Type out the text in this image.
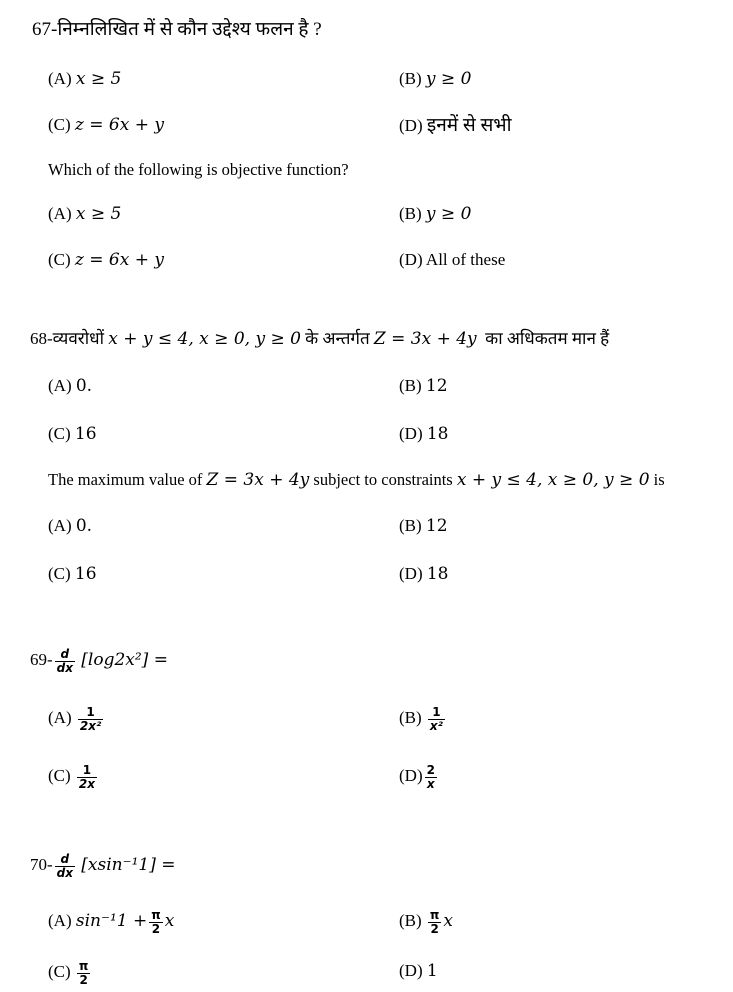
67-निम्नलिखित में से कौन उद्देश्य फलन है ?
(A) x ≥ 5	(B) y ≥ 0
(C) z = 6x + y	(D) इनमें से सभी
Which of the following is objective function?
(A) x ≥ 5	(B) y ≥ 0
(C) z = 6x + y	(D) All of these
68-व्यवरोधों x + y ≤ 4, x ≥ 0, y ≥ 0 के अन्तर्गत Z = 3x + 4y का अधिकतम मान हैं
(A) 0.	(B) 12
(C) 16	(D) 18
The maximum value of Z = 3x + 4y subject to constraints x + y ≤ 4, x ≥ 0, y ≥ 0 is
(A) 0.	(B) 12
(C) 16	(D) 18
$69- \frac{d}{dx} [\log 2x^2]$ =
$(A) \frac{1}{\text{2x²}}$	$(B) \frac{1}{\text{x²}}$
$(C) \frac{1}{2x}$	$(D) \frac{2}{x}$
$70- \frac{d}{dx} [xsin^{-1}1]$ =
(A) $\sin^{-1}1 + \frac{\pi}{2}$ x	$(B) \frac{\pi}{2}$ x
$(C) \frac{\pi}{2}$	(D) 1
